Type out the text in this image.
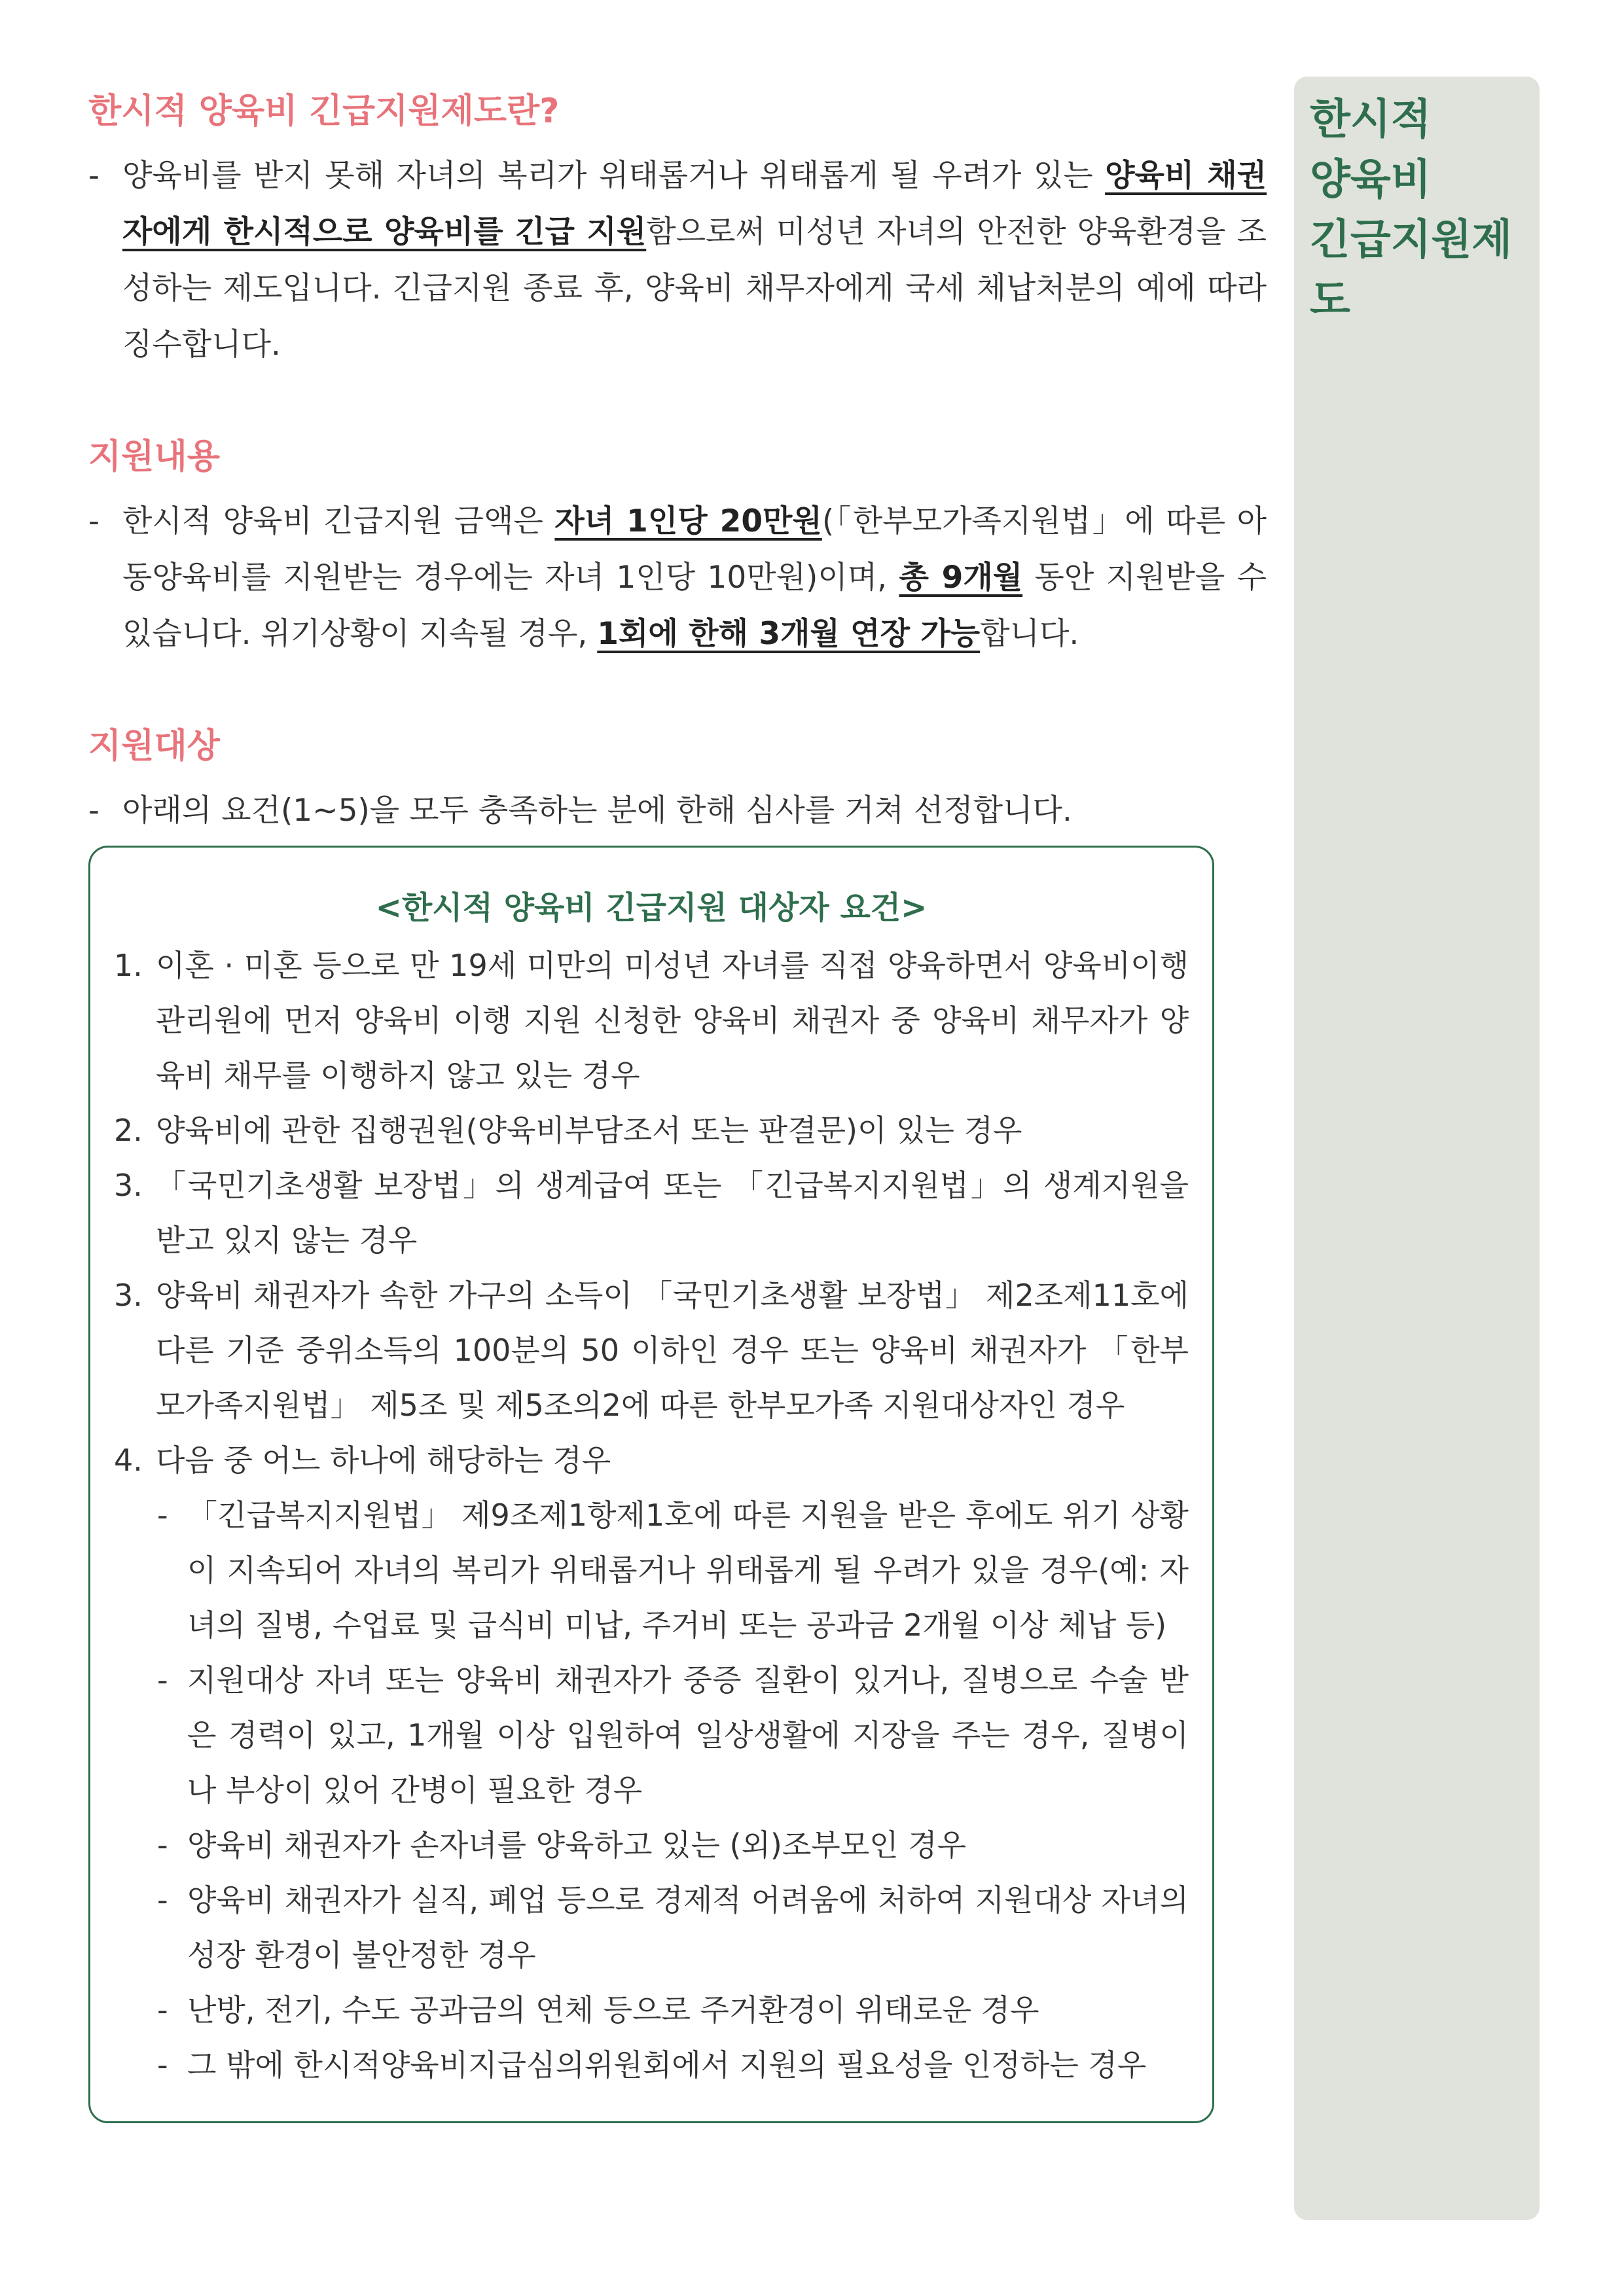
한시적 양육비 긴급지원제도란?
- 양육비를 받지 못해 자녀의 복리가 위태롭거나 위태롭게 될 우려가 있는 양육비 채권자에게 한시적으로 양육비를 긴급 지원함으로써 미성년 자녀의 안전한 양육환경을 조성하는 제도입니다. 긴급지원 종료 후, 양육비 채무자에게 국세 체납처분의 예에 따라 징수합니다.
지원내용
- 한시적 양육비 긴급지원 금액은 자녀 1인당 20만원(「한부모가족지원법」에 따른 아동양육비를 지원받는 경우에는 자녀 1인당 10만원)이며, 총 9개월 동안 지원받을 수 있습니다. 위기상황이 지속될 경우, 1회에 한해 3개월 연장 가능합니다.
지원대상
- 아래의 요건(1~5)을 모두 충족하는 분에 한해 심사를 거쳐 선정합니다.
<한시적 양육비 긴급지원 대상자 요건>
1. 이혼 · 미혼 등으로 만 19세 미만의 미성년 자녀를 직접 양육하면서 양육비이행관리원에 먼저 양육비 이행 지원 신청한 양육비 채권자 중 양육비 채무자가 양육비 채무를 이행하지 않고 있는 경우
2. 양육비에 관한 집행권원(양육비부담조서 또는 판결문)이 있는 경우
3. 「국민기초생활 보장법」의 생계급여 또는 「긴급복지지원법」의 생계지원을 받고 있지 않는 경우
3. 양육비 채권자가 속한 가구의 소득이 「국민기초생활 보장법」 제2조제11호에 다른 기준 중위소득의 100분의 50 이하인 경우 또는 양육비 채권자가 「한부모가족지원법」 제5조 및 제5조의2에 따른 한부모가족 지원대상자인 경우
4. 다음 중 어느 하나에 해당하는 경우
- 「긴급복지지원법」 제9조제1항제1호에 따른 지원을 받은 후에도 위기 상황이 지속되어 자녀의 복리가 위태롭거나 위태롭게 될 우려가 있을 경우(예: 자녀의 질병, 수업료 및 급식비 미납, 주거비 또는 공과금 2개월 이상 체납 등)
- 지원대상 자녀 또는 양육비 채권자가 중증 질환이 있거나, 질병으로 수술 받은 경력이 있고, 1개월 이상 입원하여 일상생활에 지장을 주는 경우, 질병이나 부상이 있어 간병이 필요한 경우
- 양육비 채권자가 손자녀를 양육하고 있는 (외)조부모인 경우
- 양육비 채권자가 실직, 폐업 등으로 경제적 어려움에 처하여 지원대상 자녀의 성장 환경이 불안정한 경우
- 난방, 전기, 수도 공과금의 연체 등으로 주거환경이 위태로운 경우
- 그 밖에 한시적양육비지급심의위원회에서 지원의 필요성을 인정하는 경우
한시적
양육비
긴급지원제도
